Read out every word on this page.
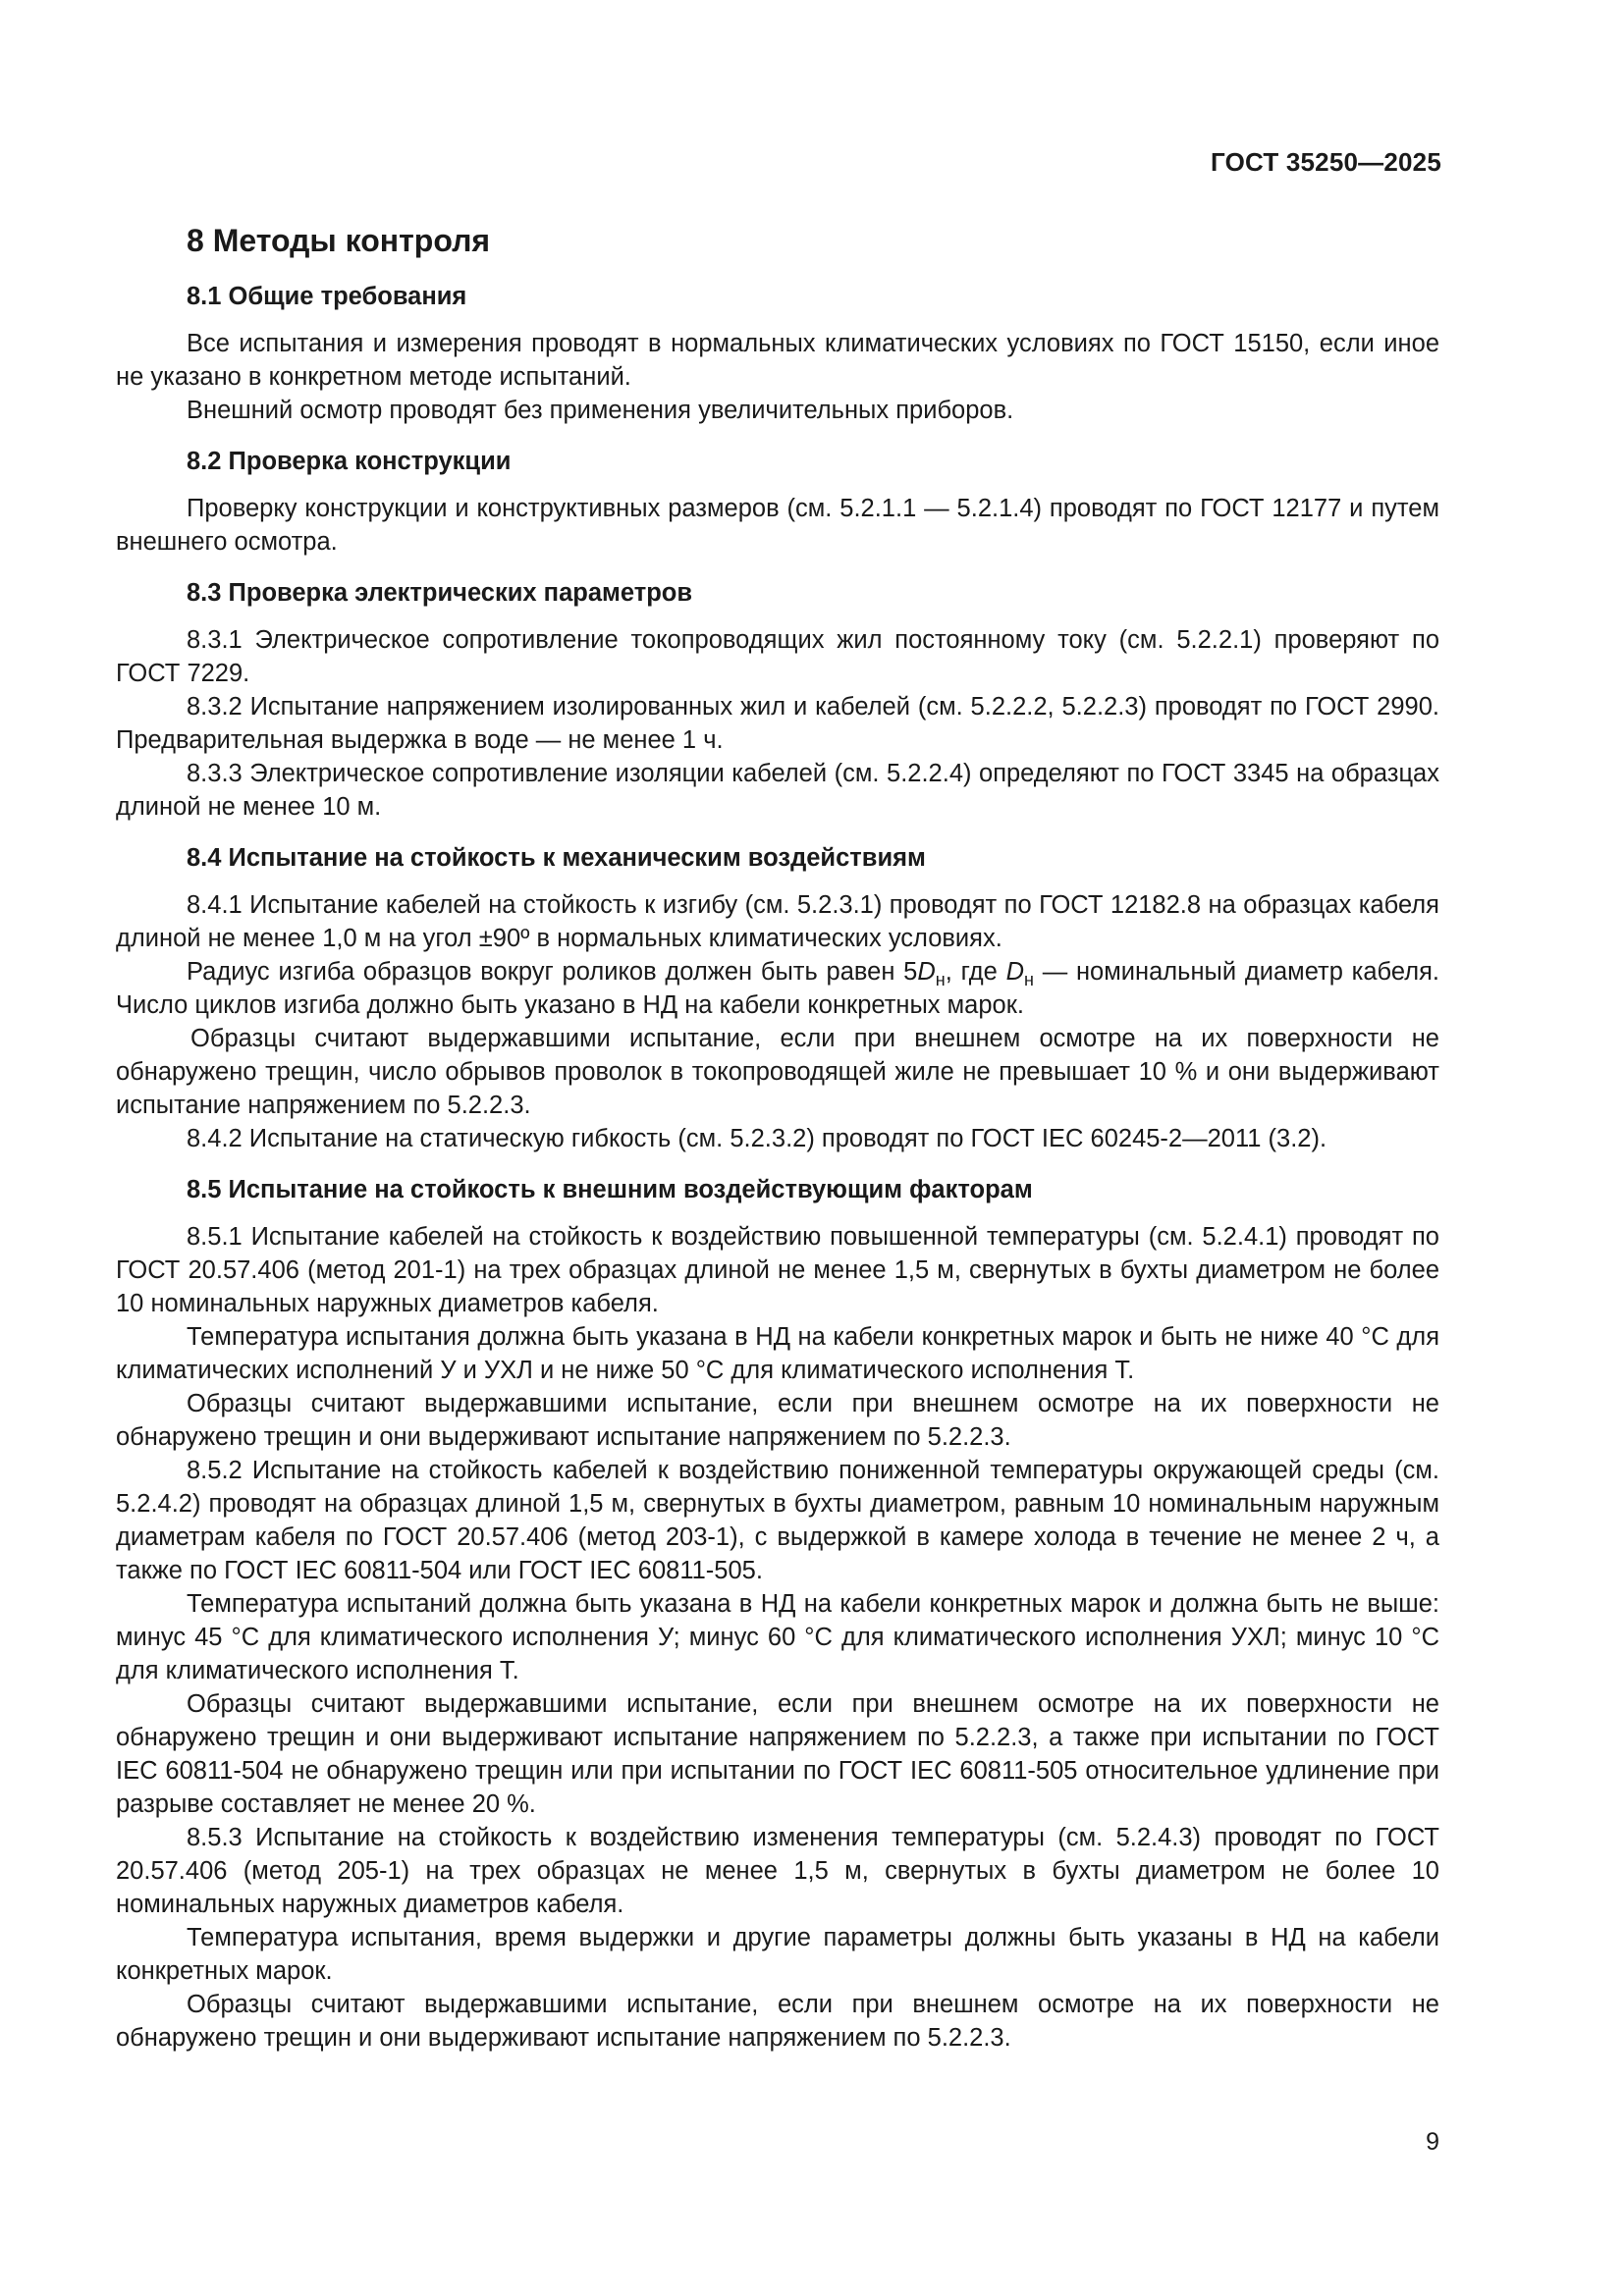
ГОСТ 35250—2025
8 Методы контроля
8.1 Общие требования

Все испытания и измерения проводят в нормальных климатических условиях по ГОСТ 15150, если иное не указано в конкретном методе испытаний.

Внешний осмотр проводят без применения увеличительных приборов.

8.2 Проверка конструкции

Проверку конструкции и конструктивных размеров (см. 5.2.1.1 — 5.2.1.4) проводят по ГОСТ 12177 и путем внешнего осмотра.

8.3 Проверка электрических параметров

8.3.1 Электрическое сопротивление токопроводящих жил постоянному току (см. 5.2.2.1) проверяют по ГОСТ 7229.

8.3.2 Испытание напряжением изолированных жил и кабелей (см. 5.2.2.2, 5.2.2.3) проводят по ГОСТ 2990. Предварительная выдержка в воде — не менее 1 ч.

8.3.3 Электрическое сопротивление изоляции кабелей (см. 5.2.2.4) определяют по ГОСТ 3345 на образцах длиной не менее 10 м.

8.4 Испытание на стойкость к механическим воздействиям

8.4.1 Испытание кабелей на стойкость к изгибу (см. 5.2.3.1) проводят по ГОСТ 12182.8 на образцах кабеля длиной не менее 1,0 м на угол ±90º в нормальных климатических условиях.

Радиус изгиба образцов вокруг роликов должен быть равен $5D_н$, где $D_н$ — номинальный диаметр кабеля. Число циклов изгиба должно быть указано в НД на кабели конкретных марок.

Образцы считают выдержавшими испытание, если при внешнем осмотре на их поверхности не обнаружено трещин, число обрывов проволок в токопроводящей жиле не превышает 10 % и они выдерживают испытание напряжением по 5.2.2.3.

8.4.2 Испытание на статическую гибкость (см. 5.2.3.2) проводят по ГОСТ IEC 60245-2—2011 (3.2).

8.5 Испытание на стойкость к внешним воздействующим факторам

8.5.1 Испытание кабелей на стойкость к воздействию повышенной температуры (см. 5.2.4.1) проводят по ГОСТ 20.57.406 (метод 201-1) на трех образцах длиной не менее 1,5 м, свернутых в бухты диаметром не более 10 номинальных наружных диаметров кабеля.

Температура испытания должна быть указана в НД на кабели конкретных марок и быть не ниже 40 °С для климатических исполнений У и УХЛ и не ниже 50 °С для климатического исполнения Т.

Образцы считают выдержавшими испытание, если при внешнем осмотре на их поверхности не обнаружено трещин и они выдерживают испытание напряжением по 5.2.2.3.

8.5.2 Испытание на стойкость кабелей к воздействию пониженной температуры окружающей среды (см. 5.2.4.2) проводят на образцах длиной 1,5 м, свернутых в бухты диаметром, равным 10 номинальным наружным диаметрам кабеля по ГОСТ 20.57.406 (метод 203-1), с выдержкой в камере холода в течение не менее 2 ч, а также по ГОСТ IEC 60811-504 или ГОСТ IEC 60811-505.

Температура испытаний должна быть указана в НД на кабели конкретных марок и должна быть не выше: минус 45 °С для климатического исполнения У; минус 60 °С для климатического исполнения УХЛ; минус 10 °С для климатического исполнения Т.

Образцы считают выдержавшими испытание, если при внешнем осмотре на их поверхности не обнаружено трещин и они выдерживают испытание напряжением по 5.2.2.3, а также при испытании по ГОСТ IEC 60811-504 не обнаружено трещин или при испытании по ГОСТ IEC 60811-505 относительное удлинение при разрыве составляет не менее 20 %.

8.5.3 Испытание на стойкость к воздействию изменения температуры (см. 5.2.4.3) проводят по ГОСТ 20.57.406 (метод 205-1) на трех образцах не менее 1,5 м, свернутых в бухты диаметром не более 10 номинальных наружных диаметров кабеля.

Температура испытания, время выдержки и другие параметры должны быть указаны в НД на кабели конкретных марок.

Образцы считают выдержавшими испытание, если при внешнем осмотре на их поверхности не обнаружено трещин и они выдерживают испытание напряжением по 5.2.2.3.

9
